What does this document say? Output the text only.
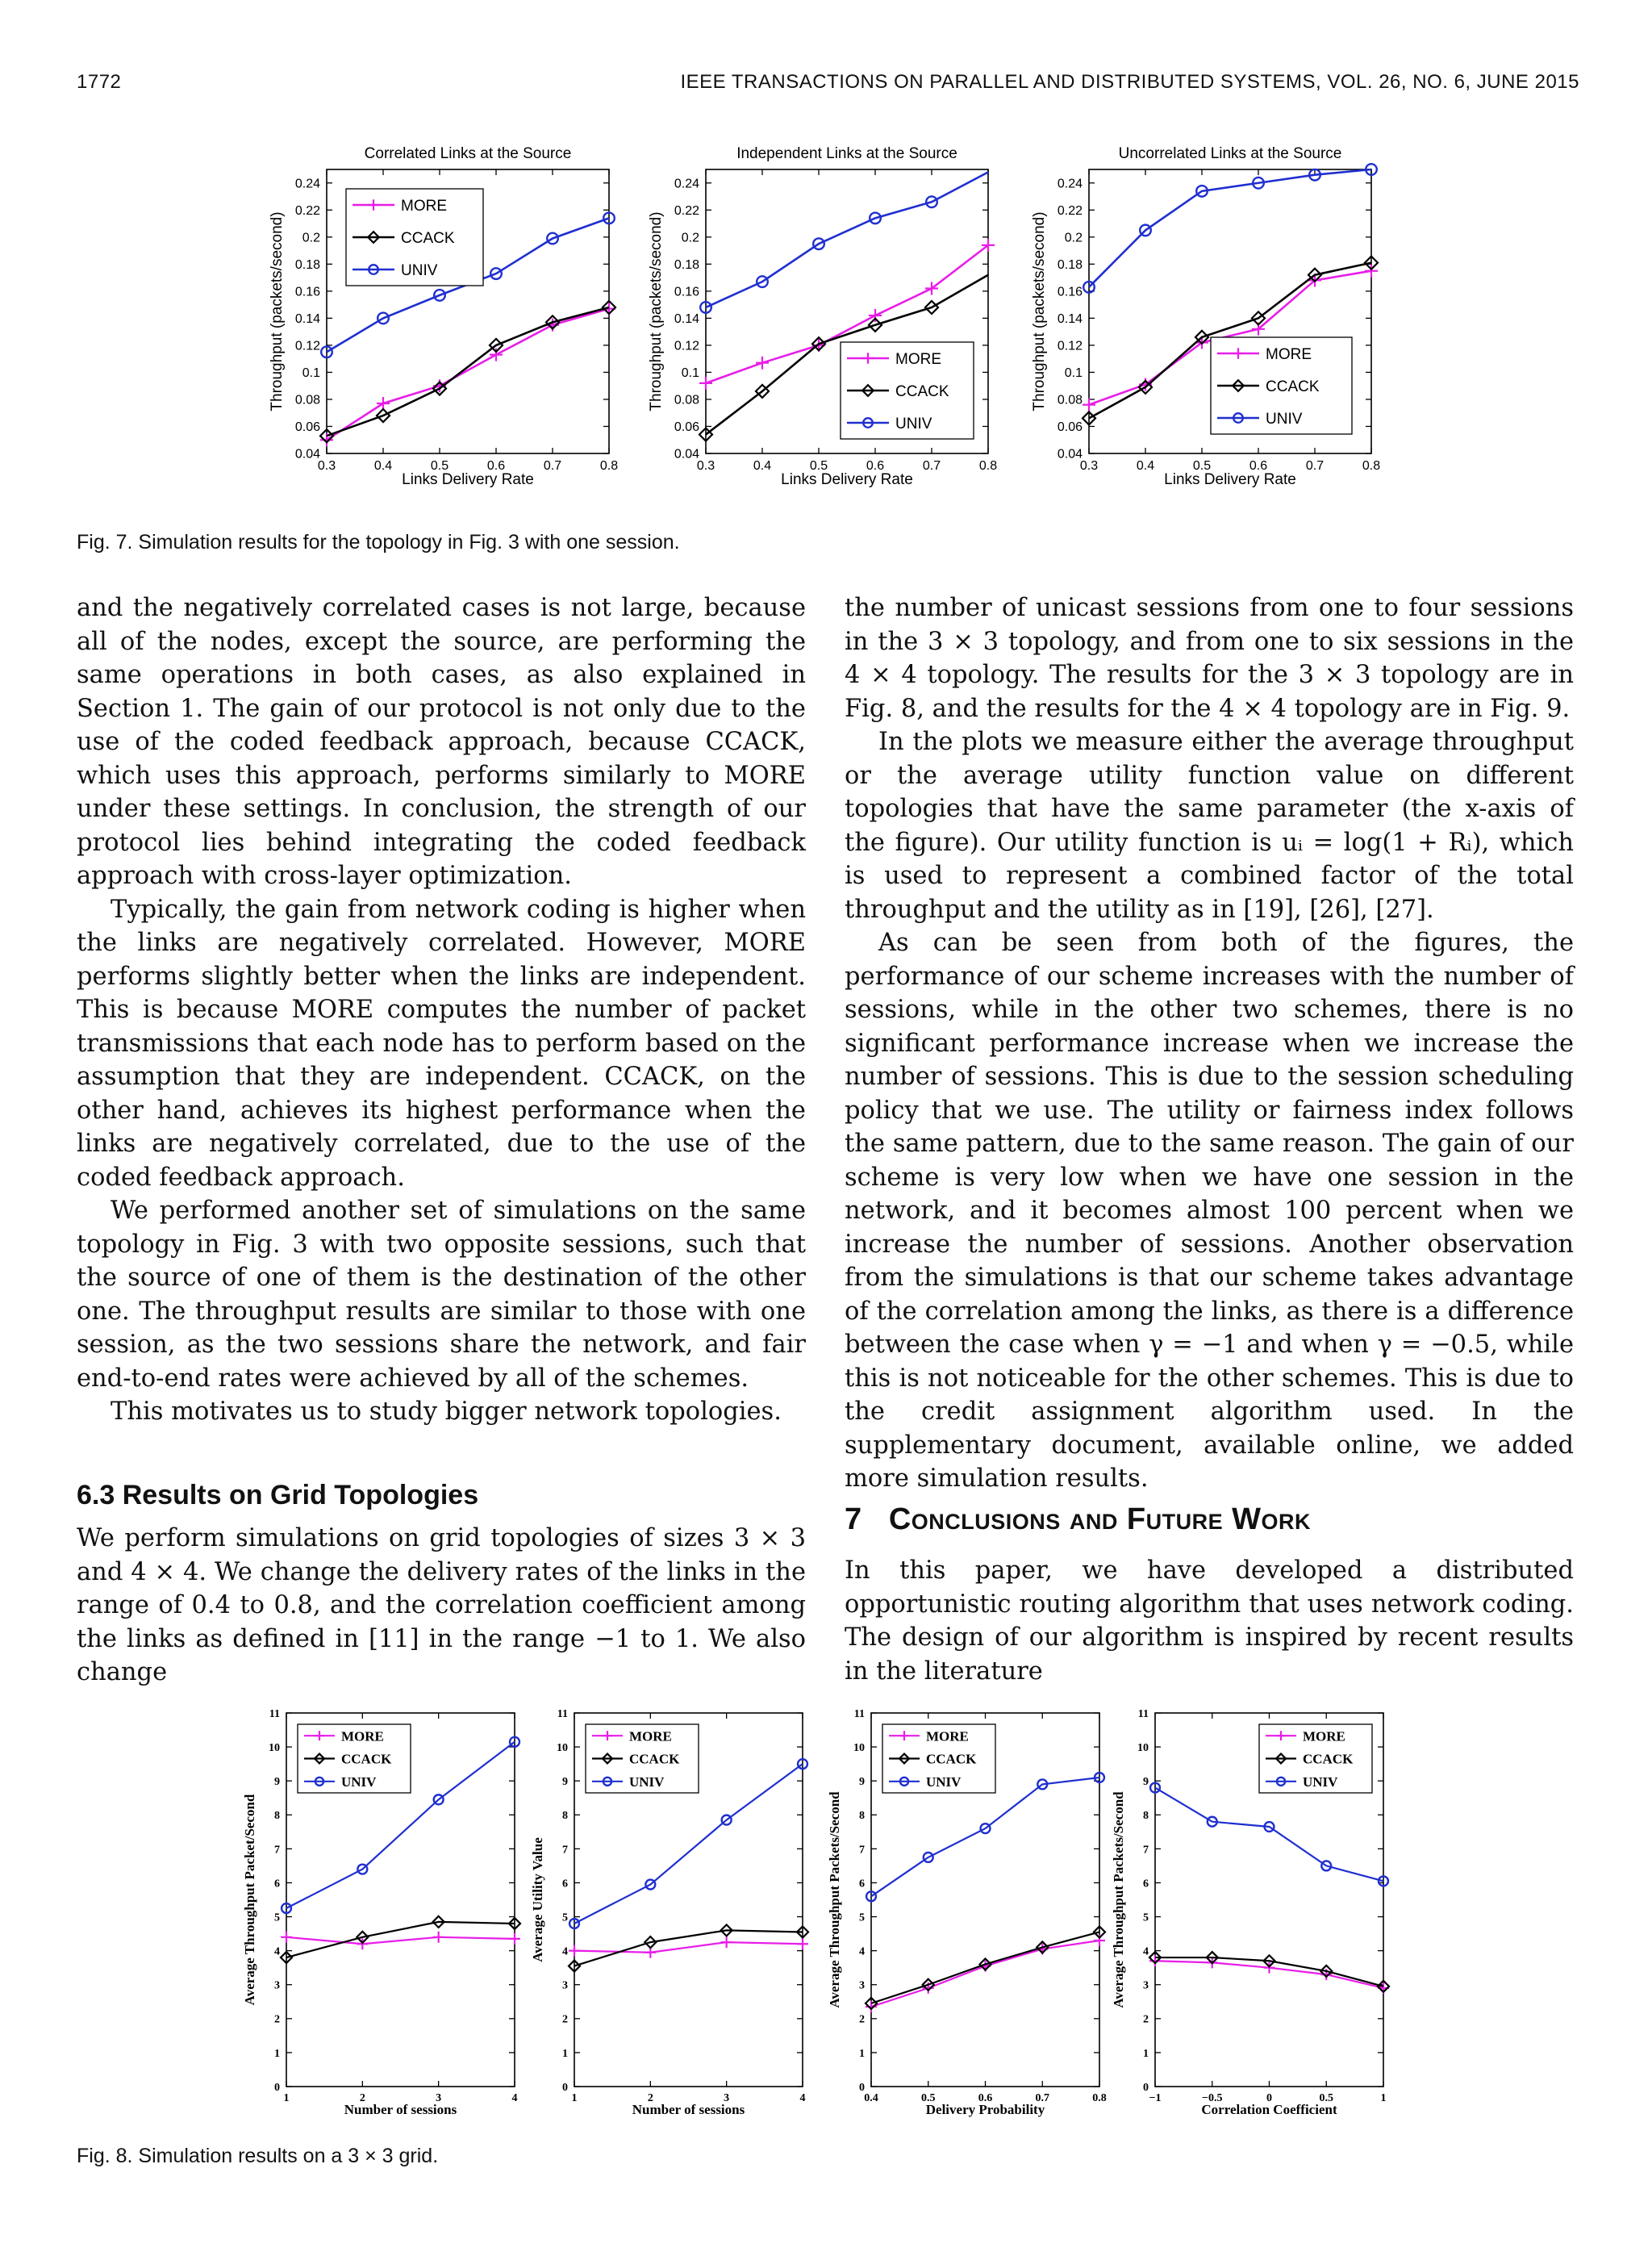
1772	IEEE TRANSACTIONS ON PARALLEL AND DISTRIBUTED SYSTEMS, VOL. 26, NO. 6, JUNE 2015
0.04
0.06
0.08
0.1
0.12
0.14
0.16
0.18
0.2
0.22
0.24
0.3	0.4	0.5	0.6	0.7	0.8
Links Delivery Rate
Throughput (packets/second)
Correlated Links at the Source
MORE
CCACK
UNIV
0.04
0.06
0.08
0.1
0.12
0.14
0.16
0.18
0.2
0.22
0.24
0.3	0.4	0.5	0.6	0.7	0.8
Links Delivery Rate
Throughput (packets/second)
Independent Links at the Source
MORE
CCACK
UNIV
0.04
0.06
0.08
0.1
0.12
0.14
0.16
0.18
0.2
0.22
0.24
0.3	0.4	0.5	0.6	0.7	0.8
Links Delivery Rate
Throughput (packets/second)
Uncorrelated Links at the Source
MORE
CCACK
UNIV
Fig. 7. Simulation results for the topology in Fig. 3 with one session.

and the negatively correlated cases is not large, because all of the nodes, except the source, are performing the same operations in both cases, as also explained in Section 1. The gain of our protocol is not only due to the use of the coded feedback approach, because CCACK, which uses this approach, performs similarly to MORE under these settings. In conclusion, the strength of our protocol lies behind integrating the coded feedback approach with cross-layer optimization.

Typically, the gain from network coding is higher when the links are negatively correlated. However, MORE performs slightly better when the links are independent. This is because MORE computes the number of packet transmissions that each node has to perform based on the assumption that they are independent. CCACK, on the other hand, achieves its highest performance when the links are negatively correlated, due to the use of the coded feedback approach.

We performed another set of simulations on the same topology in Fig. 3 with two opposite sessions, such that the source of one of them is the destination of the other one. The throughput results are similar to those with one session, as the two sessions share the network, and fair end-to-end rates were achieved by all of the schemes.

This motivates us to study bigger network topologies.

6.3 Results on Grid Topologies

We perform simulations on grid topologies of sizes 3 × 3 and 4 × 4. We change the delivery rates of the links in the range of 0.4 to 0.8, and the correlation coefficient among the links as defined in [11] in the range −1 to 1. We also change

the number of unicast sessions from one to four sessions in the 3 × 3 topology, and from one to six sessions in the 4 × 4 topology. The results for the 3 × 3 topology are in Fig. 8, and the results for the 4 × 4 topology are in Fig. 9.

In the plots we measure either the average throughput or the average utility function value on different topologies that have the same parameter (the x-axis of the figure). Our utility function is uᵢ = log(1 + Rᵢ), which is used to represent a combined factor of the total throughput and the utility as in [19], [26], [27].

As can be seen from both of the figures, the performance of our scheme increases with the number of sessions, while in the other two schemes, there is no significant performance increase when we increase the number of sessions. This is due to the session scheduling policy that we use. The utility or fairness index follows the same pattern, due to the same reason. The gain of our scheme is very low when we have one session in the network, and it becomes almost 100 percent when we increase the number of sessions. Another observation from the simulations is that our scheme takes advantage of the correlation among the links, as there is a difference between the case when γ = −1 and when γ = −0.5, while this is not noticeable for the other schemes. This is due to the credit assignment algorithm used. In the supplementary document, available online, we added more simulation results.

7 Conclusions and Future Work

In this paper, we have developed a distributed opportunistic routing algorithm that uses network coding. The design of our algorithm is inspired by recent results in the literature

0
1
2
3
4
5
6
7
8
9
10
11
1	2	3	4
Number of sessions
Average Throughput Packet/Second
MORE
CCACK
UNIV
0
1
2
3
4
5
6
7
8
9
10
11
1	2	3	4
Number of sessions
Average Utility Value
MORE
CCACK
UNIV
0
1
2
3
4
5
6
7
8
9
10
11
0.4	0.5	0.6	0.7	0.8
Delivery Probability
Average Throughput Packets/Second
MORE
CCACK
UNIV
0
1
2
3
4
5
6
7
8
9
10
11
−1	−0.5	0	0.5	1
Correlation Coefficient
Average Throughput Packets/Second
MORE
CCACK
UNIV
Fig. 8. Simulation results on a 3 × 3 grid.
